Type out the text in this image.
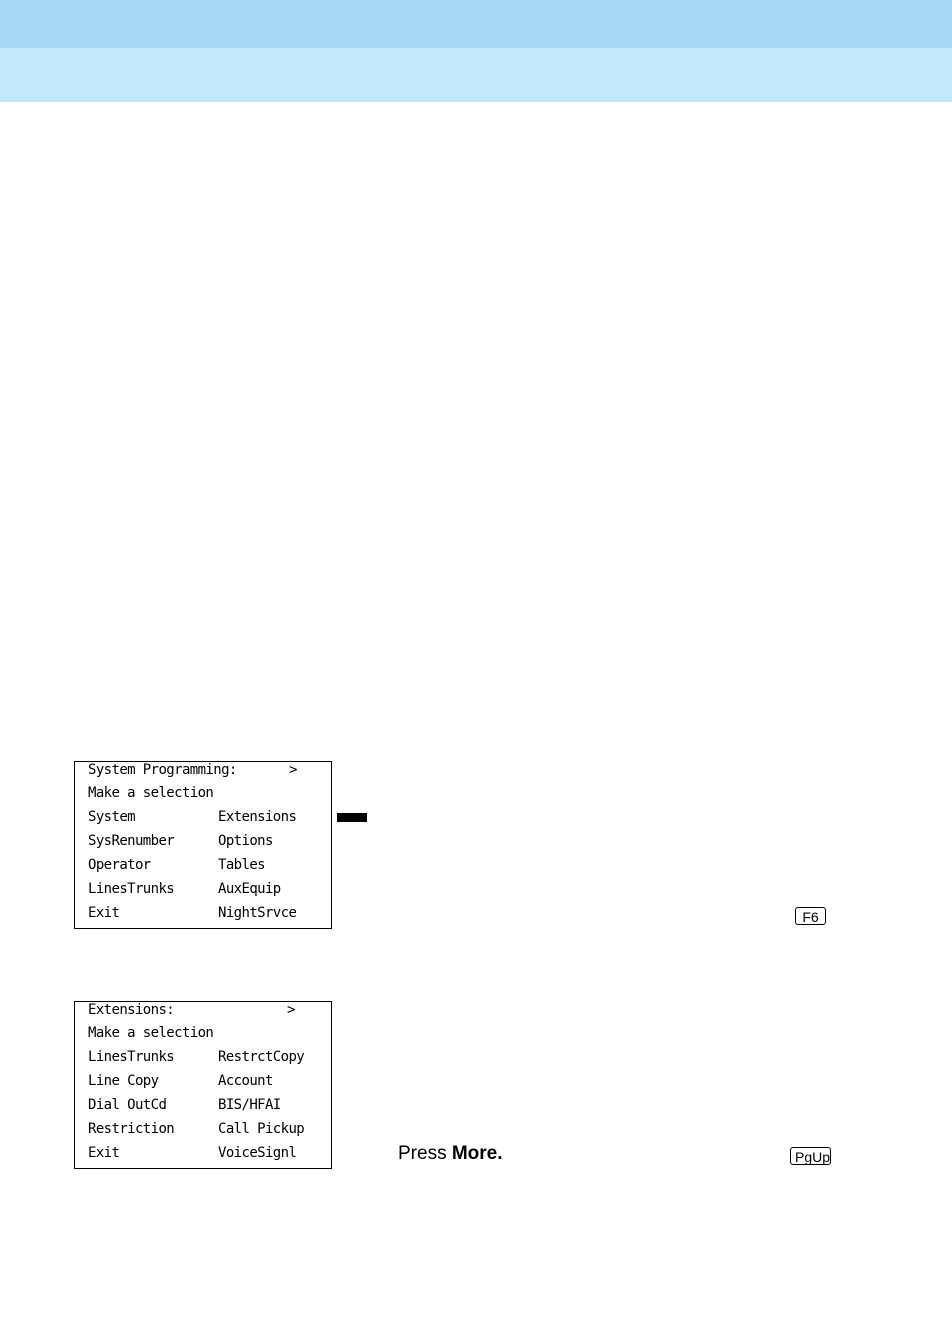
System Programming:	>
Make a selection
System	Extensions
SysRenumber	Options
Operator	Tables
LinesTrunks	AuxEquip
Exit	NightSrvce	F6
Extensions:	>
Make a selection
LinesTrunks	RestrctCopy
Line Copy	Account
Dial OutCd	BIS/HFAI
Restriction	Call Pickup
Exit	VoiceSignl	Press More.	PgUp
